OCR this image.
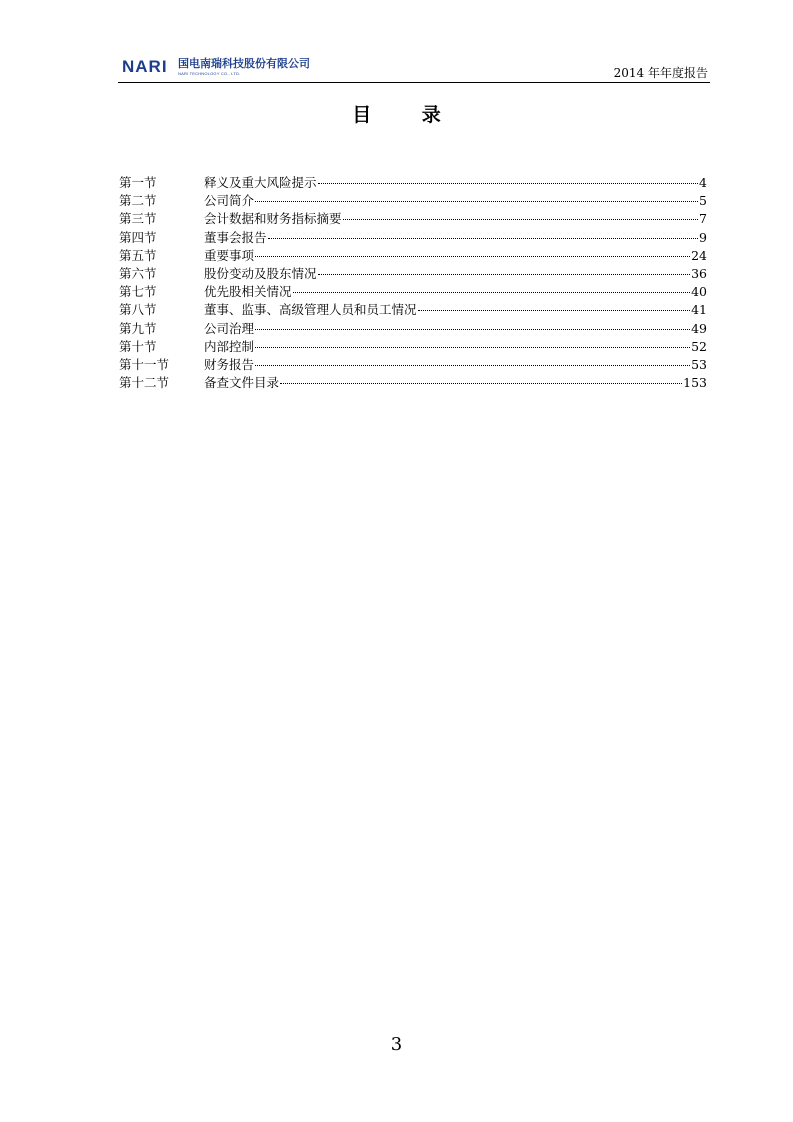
NARI 国电南瑞科技股份有限公司
NARI TECHNOLOGY CO., LTD.	2014 年年度报告
目 录
第一节	释义及重大风险提示	4
第二节	公司简介	5
第三节	会计数据和财务指标摘要	7
第四节	董事会报告	9
第五节	重要事项	24
第六节	股份变动及股东情况	36
第七节	优先股相关情况	40
第八节	董事、监事、高级管理人员和员工情况	41
第九节	公司治理	49
第十节	内部控制	52
第十一节	财务报告	53
第十二节	备查文件目录	153
3
